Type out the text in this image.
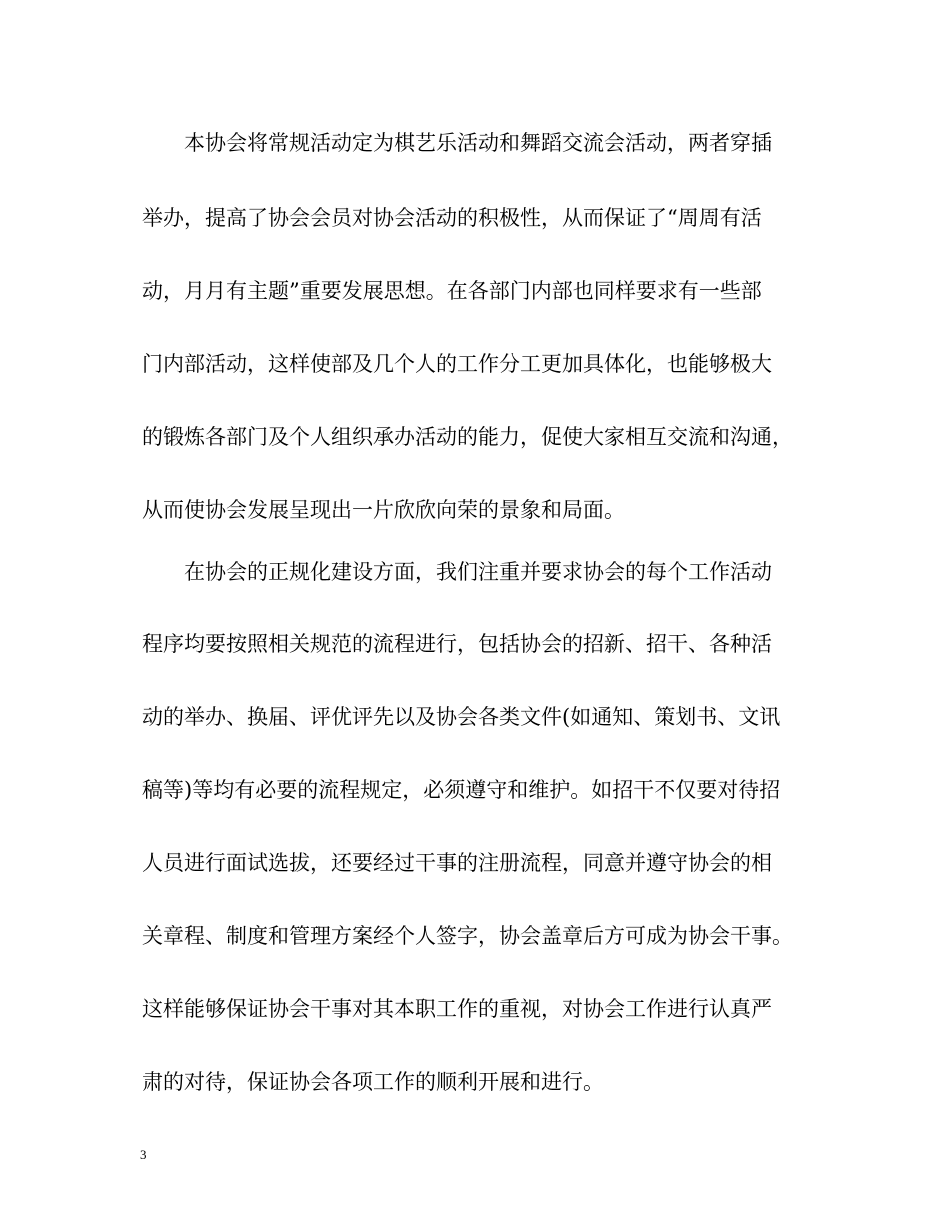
本协会将常规活动定为棋艺乐活动和舞蹈交流会活动，两者穿插
举办，提高了协会会员对协会活动的积极性，从而保证了“周周有活
动，月月有主题”重要发展思想。在各部门内部也同样要求有一些部
门内部活动，这样使部及几个人的工作分工更加具体化，也能够极大
的锻炼各部门及个人组织承办活动的能力，促使大家相互交流和沟通，
从而使协会发展呈现出一片欣欣向荣的景象和局面。
在协会的正规化建设方面，我们注重并要求协会的每个工作活动
程序均要按照相关规范的流程进行，包括协会的招新、招干、各种活
动的举办、换届、评优评先以及协会各类文件(如通知、策划书、文讯
稿等)等均有必要的流程规定，必须遵守和维护。如招干不仅要对待招
人员进行面试选拔，还要经过干事的注册流程，同意并遵守协会的相
关章程、制度和管理方案经个人签字，协会盖章后方可成为协会干事。
这样能够保证协会干事对其本职工作的重视，对协会工作进行认真严
肃的对待，保证协会各项工作的顺利开展和进行。
3
